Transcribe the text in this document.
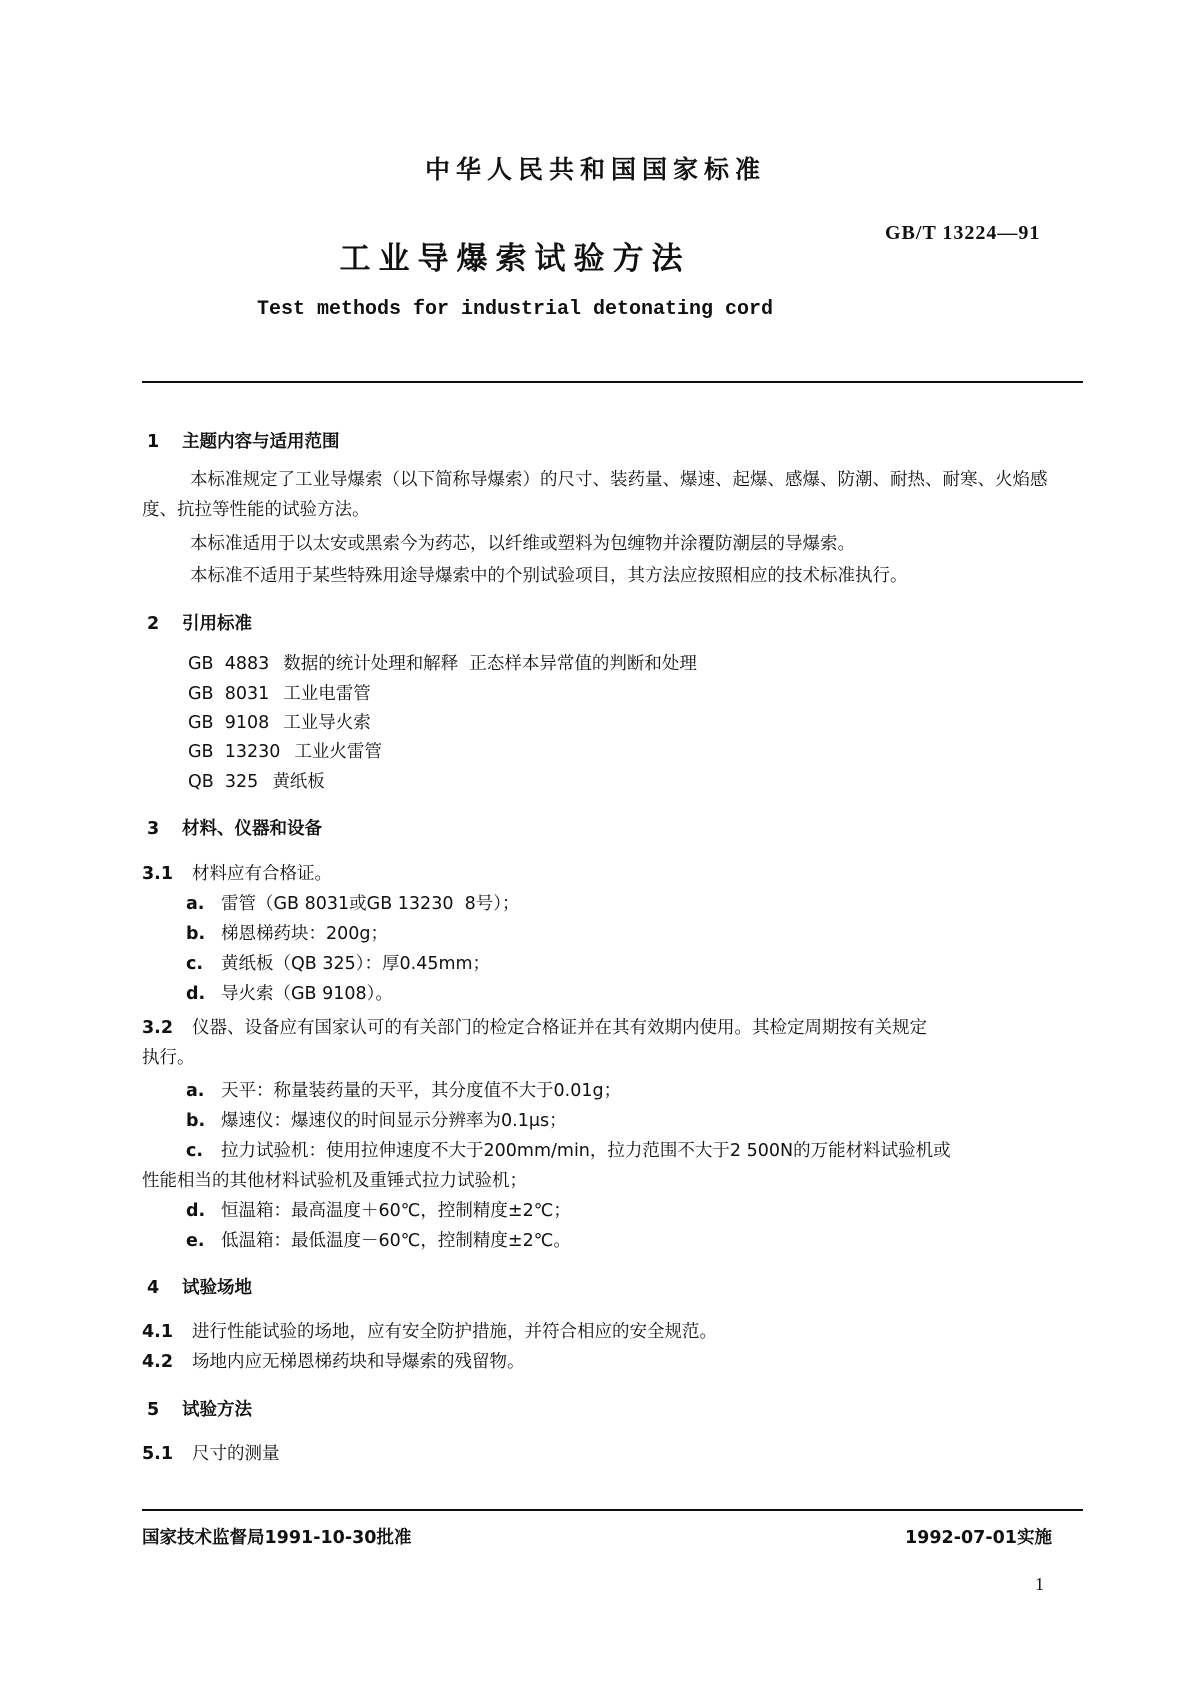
中华人民共和国国家标准
工业导爆索试验方法
GB/T 13224—91
Test methods for industrial detonating cord
1 主题内容与适用范围
本标准规定了工业导爆索（以下简称导爆索）的尺寸、装药量、爆速、起爆、感爆、防潮、耐热、耐寒、火焰感度、抗拉等性能的试验方法。
本标准适用于以太安或黑索今为药芯，以纤维或塑料为包缠物并涂覆防潮层的导爆索。
本标准不适用于某些特殊用途导爆索中的个别试验项目，其方法应按照相应的技术标准执行。
2 引用标准
GB  4883 数据的统计处理和解释  正态样本异常值的判断和处理
GB  8031 工业电雷管
GB  9108 工业导火索
GB  13230 工业火雷管
QB  325 黄纸板
3 材料、仪器和设备
3.1 材料应有合格证。
a. 雷管（GB 8031或GB 13230  8号）；
b. 梯恩梯药块：200g；
c. 黄纸板（QB 325）：厚0.45mm；
d. 导火索（GB 9108）。
3.2 仪器、设备应有国家认可的有关部门的检定合格证并在其有效期内使用。其检定周期按有关规定
执行。
a. 天平：称量装药量的天平，其分度值不大于0.01g；
b. 爆速仪：爆速仪的时间显示分辨率为0.1μs；
c. 拉力试验机：使用拉伸速度不大于200mm/min，拉力范围不大于2 500N的万能材料试验机或
性能相当的其他材料试验机及重锤式拉力试验机；
d. 恒温箱：最高温度＋60℃，控制精度±2℃；
e. 低温箱：最低温度－60℃，控制精度±2℃。
4 试验场地
4.1 进行性能试验的场地，应有安全防护措施，并符合相应的安全规范。
4.2 场地内应无梯恩梯药块和导爆索的残留物。
5 试验方法
5.1 尺寸的测量
国家技术监督局1991-10-30批准	1992-07-01实施
1
